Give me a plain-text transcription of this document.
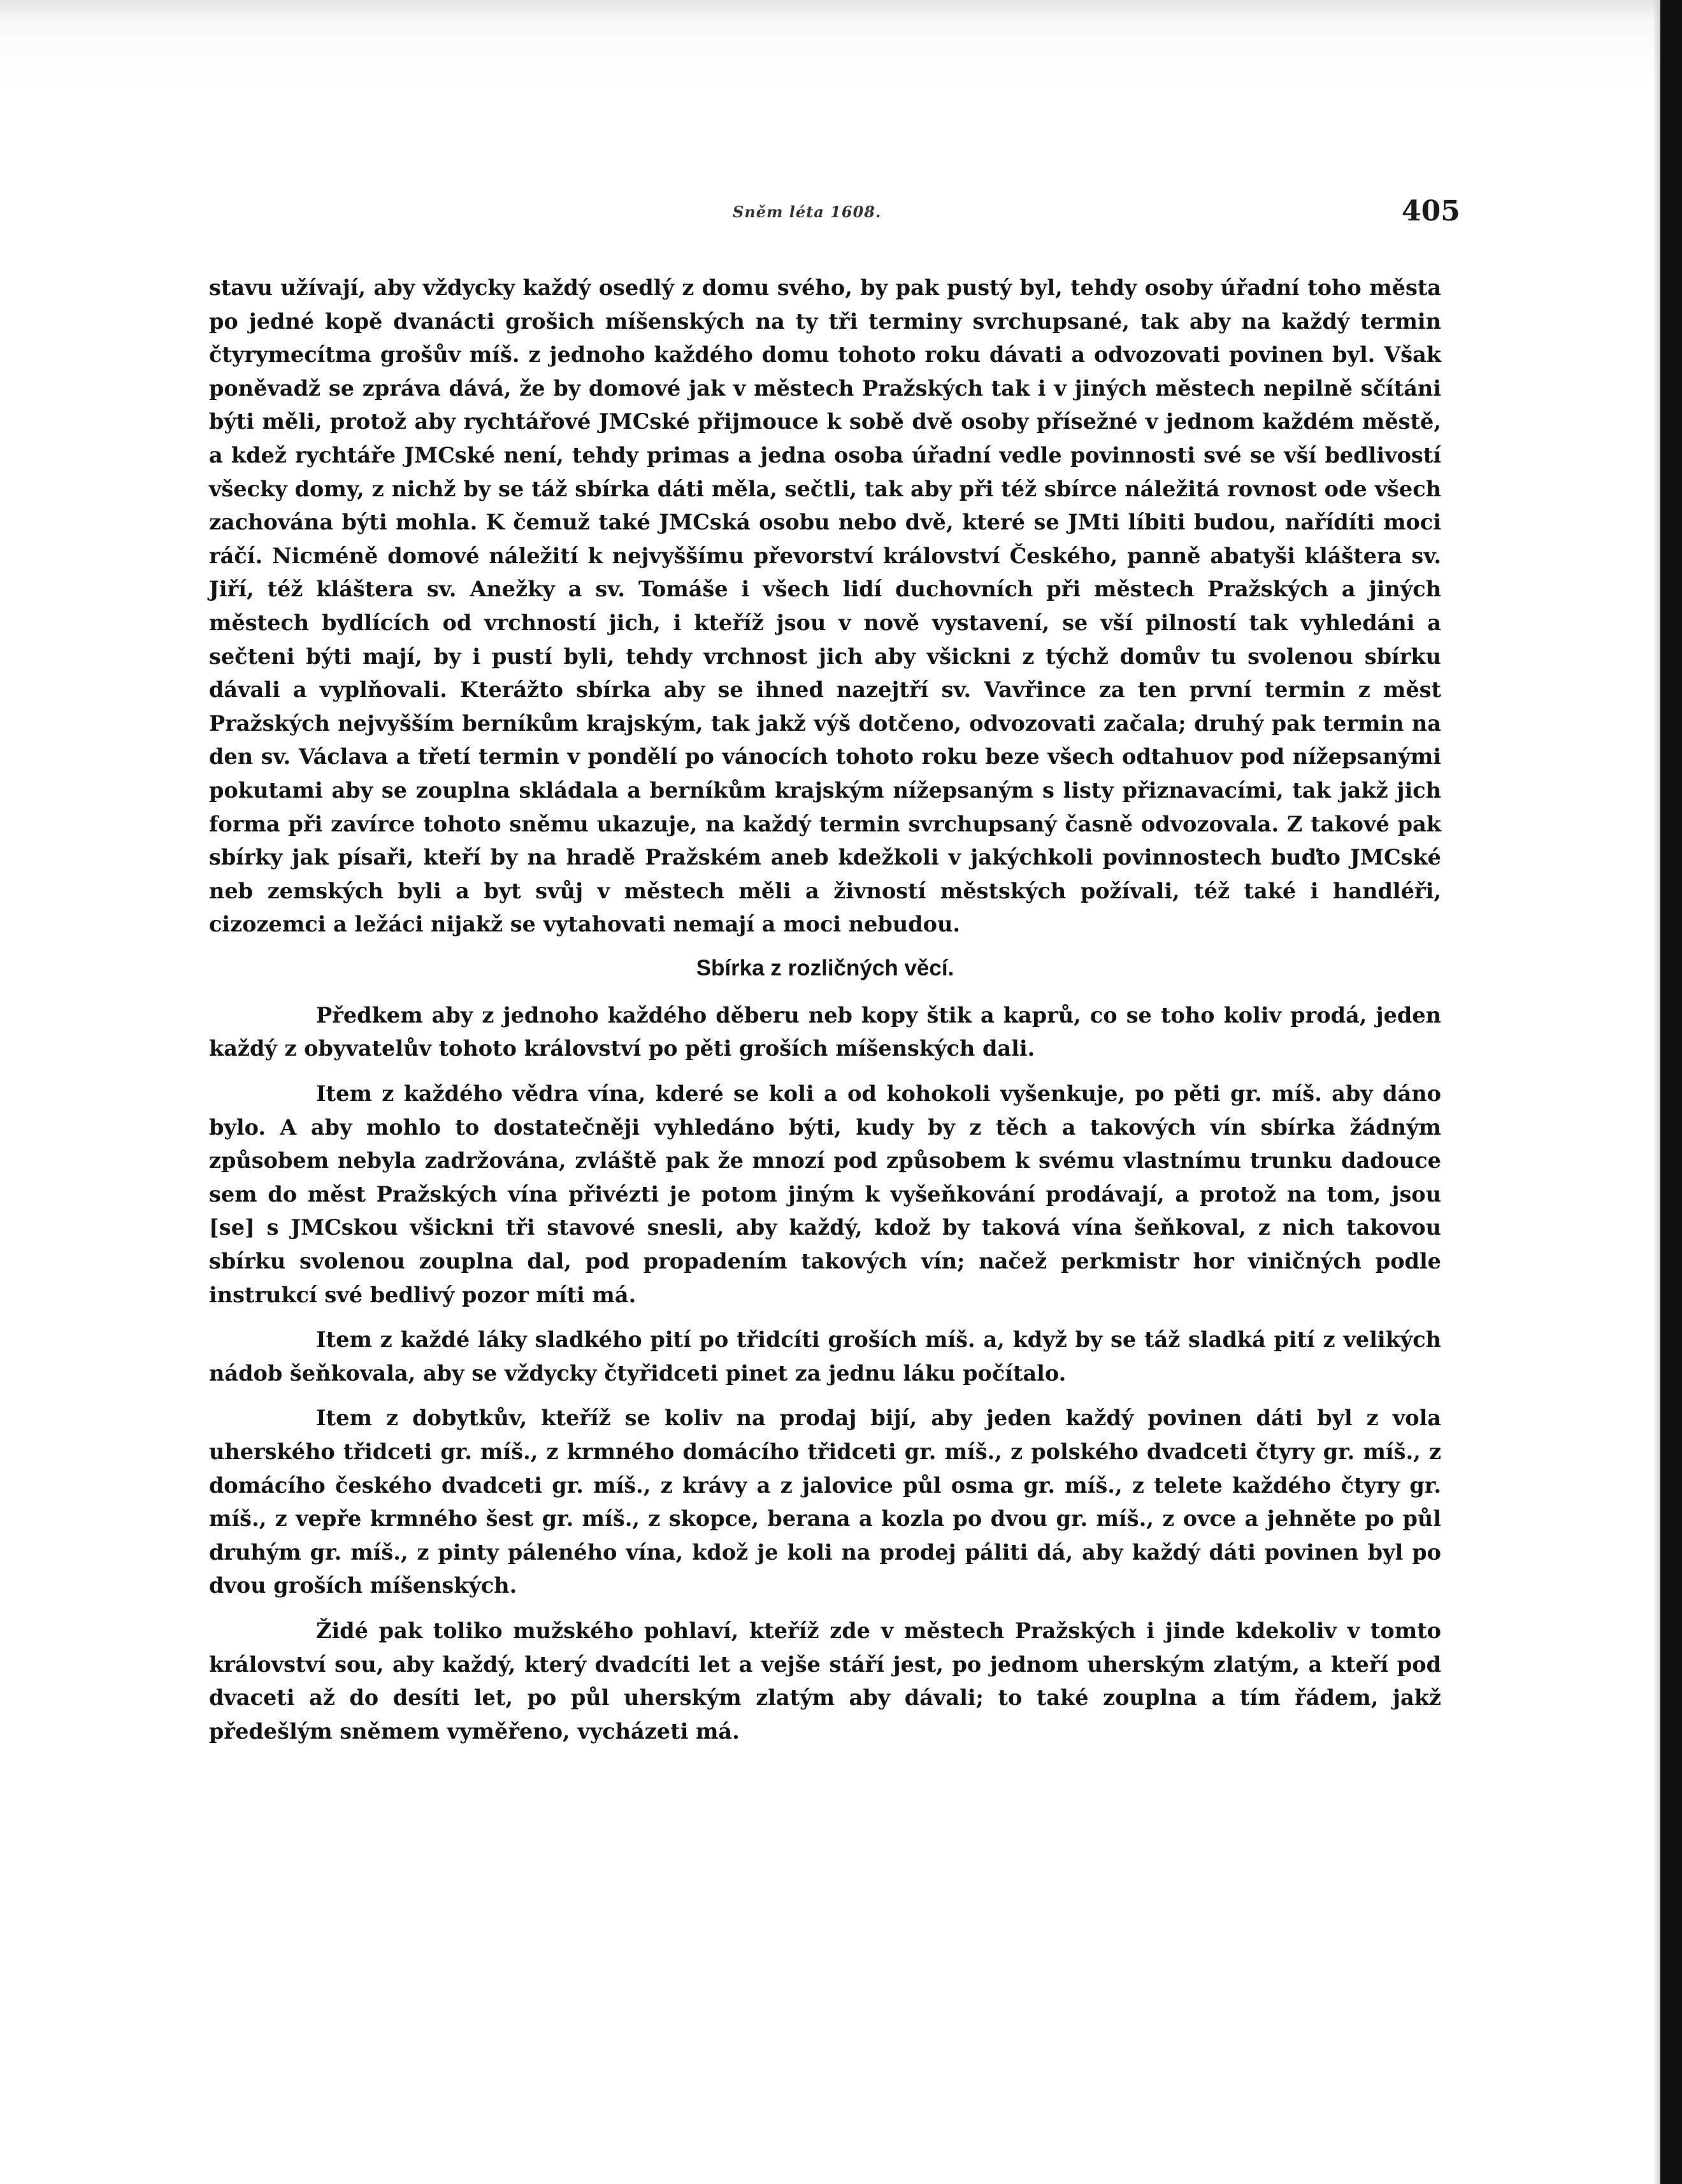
Sněm léta 1608.	405

stavu užívají, aby vždycky každý osedlý z domu svého, by pak pustý byl, tehdy osoby úřadní toho města po jedné kopě dvanácti grošich míšenských na ty tři terminy svrchupsané, tak aby na každý termin čtyrymecítma grošův míš. z jednoho každého domu tohoto roku dávati a odvozovati povinen byl. Však poněvadž se zpráva dává, že by domové jak v městech Pražských tak i v jiných městech nepilně sčítáni býti měli, protož aby rychtářové JMCské přijmouce k sobě dvě osoby přísežné v jednom každém městě, a kdež rychtáře JMCské není, tehdy primas a jedna osoba úřadní vedle povinnosti své se vší bedlivostí všecky domy, z nichž by se táž sbírka dáti měla, sečtli, tak aby při též sbírce náležitá rovnost ode všech zachována býti mohla. K čemuž také JMCská osobu nebo dvě, které se JMti líbiti budou, nařídíti moci ráčí. Nicméně domové náležití k nejvyššímu převorství království Českého, panně abatyši kláštera sv. Jiří, též kláštera sv. Anežky a sv. Tomáše i všech lidí duchovních při městech Pražských a jiných městech bydlících od vrchností jich, i kteříž jsou v nově vystavení, se vší pilností tak vyhledáni a sečteni býti mají, by i pustí byli, tehdy vrchnost jich aby všickni z týchž domův tu svolenou sbírku dávali a vyplňovali. Kterážto sbírka aby se ihned nazejtří sv. Vavřince za ten první termin z měst Pražských nejvyšším berníkům krajským, tak jakž výš dotčeno, odvozovati začala; druhý pak termin na den sv. Václava a třetí termin v pondělí po vánocích tohoto roku beze všech odtahuov pod nížepsanými pokutami aby se zouplna skládala a berníkům krajským nížepsaným s listy přiznavacími, tak jakž jich forma při zavírce tohoto sněmu ukazuje, na každý termin svrchupsaný časně odvozovala. Z takové pak sbírky jak písaři, kteří by na hradě Pražském aneb kdežkoli v jakýchkoli povinnostech buďto JMCské neb zemských byli a byt svůj v městech měli a živností městských požívali, též také i handléři, cizozemci a ležáci nijakž se vytahovati nemají a moci nebudou.

Sbírka z rozličných věcí.

Předkem aby z jednoho každého děberu neb kopy štik a kaprů, co se toho koliv prodá, jeden každý z obyvatelův tohoto království po pěti groších míšenských dali.

Item z každého vědra vína, kderé se koli a od kohokoli vyšenkuje, po pěti gr. míš. aby dáno bylo. A aby mohlo to dostatečněji vyhledáno býti, kudy by z těch a takových vín sbírka žádným způsobem nebyla zadržována, zvláště pak že mnozí pod způsobem k svému vlastnímu trunku dadouce sem do měst Pražských vína přivézti je potom jiným k vyšeňkování prodávají, a protož na tom, jsou [se] s JMCskou všickni tři stavové snesli, aby každý, kdož by taková vína šeňkoval, z nich takovou sbírku svolenou zouplna dal, pod propadením takových vín; načež perkmistr hor viničných podle instrukcí své bedlivý pozor míti má.

Item z každé láky sladkého pití po třidcíti groších míš. a, když by se táž sladká pití z velikých nádob šeňkovala, aby se vždycky čtyřidceti pinet za jednu láku počítalo.

Item z dobytkův, kteříž se koliv na prodaj bijí, aby jeden každý povinen dáti byl z vola uherského třidceti gr. míš., z krmného domácího třidceti gr. míš., z polského dvadceti čtyry gr. míš., z domácího českého dvadceti gr. míš., z krávy a z jalovice půl osma gr. míš., z telete každého čtyry gr. míš., z vepře krmného šest gr. míš., z skopce, berana a kozla po dvou gr. míš., z ovce a jehněte po půl druhým gr. míš., z pinty páleného vína, kdož je koli na prodej páliti dá, aby každý dáti povinen byl po dvou groších míšenských.

Židé pak toliko mužského pohlaví, kteříž zde v městech Pražských i jinde kdekoliv v tomto království sou, aby každý, který dvadcíti let a vejše stáří jest, po jednom uherským zlatým, a kteří pod dvaceti až do desíti let, po půl uherským zlatým aby dávali; to také zouplna a tím řádem, jakž předešlým sněmem vyměřeno, vycházeti má.
